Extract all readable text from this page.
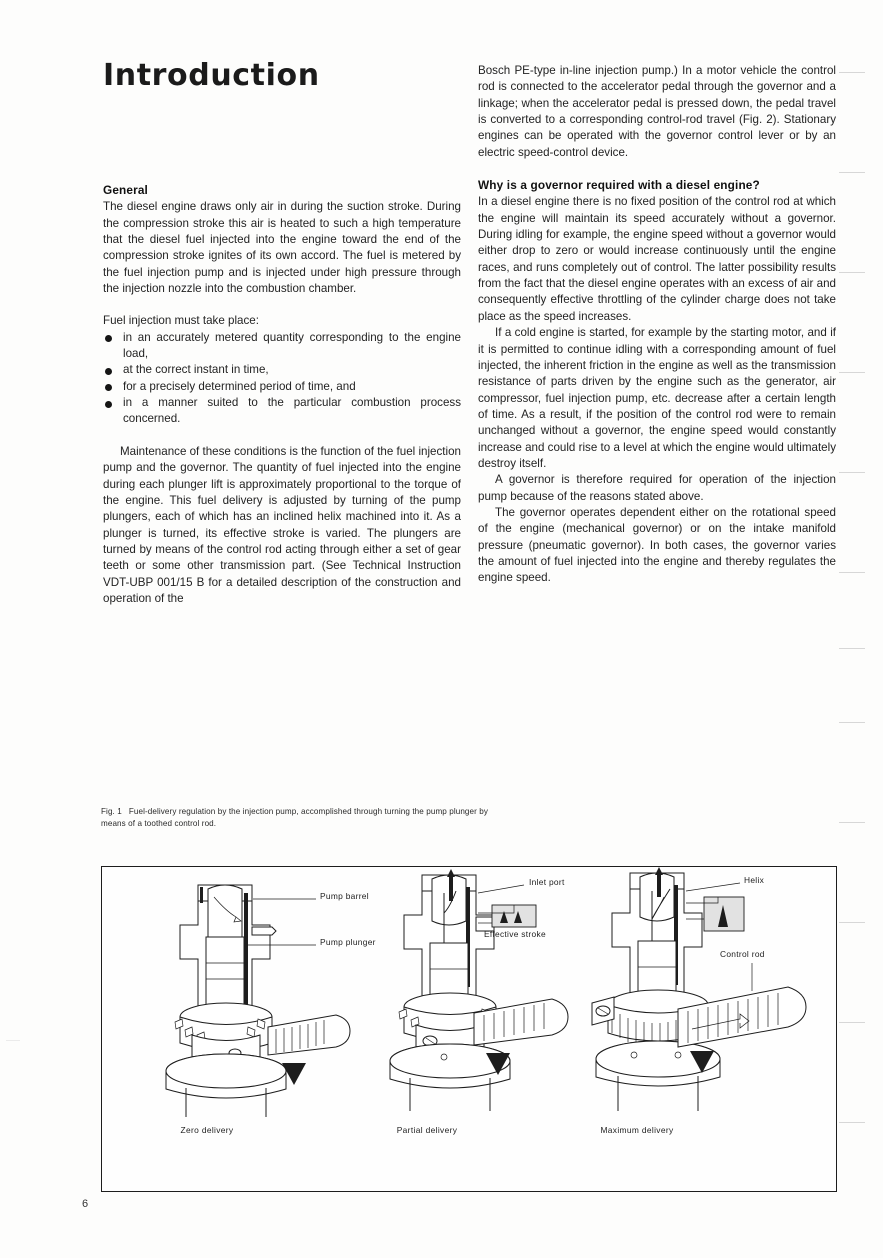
Introduction
General

The diesel engine draws only air in during the suction stroke. During the compression stroke this air is heated to such a high temperature that the diesel fuel injected into the engine toward the end of the compression stroke ignites of its own accord. The fuel is metered by the fuel injection pump and is injected under high pressure through the injection nozzle into the combustion chamber.

Fuel injection must take place:

in an accurately metered quantity corresponding to the engine load,
at the correct instant in time,
for a precisely determined period of time, and
in a manner suited to the particular combustion process concerned.

Maintenance of these conditions is the function of the fuel injection pump and the governor. The quantity of fuel injected into the engine during each plunger lift is approximately proportional to the torque of the engine. This fuel delivery is adjusted by turning of the pump plungers, each of which has an inclined helix machined into it. As a plunger is turned, its effective stroke is varied. The plungers are turned by means of the control rod acting through either a set of gear teeth or some other transmission part. (See Technical Instruction VDT-UBP 001/15 B for a detailed description of the construction and operation of the

Bosch PE-type in-line injection pump.) In a motor vehicle the control rod is connected to the accelerator pedal through the governor and a linkage; when the accelerator pedal is pressed down, the pedal travel is converted to a corresponding control-rod travel (Fig. 2). Stationary engines can be operated with the governor control lever or by an electric speed-control device.

Why is a governor required with a diesel engine?

In a diesel engine there is no fixed position of the control rod at which the engine will maintain its speed accurately without a governor. During idling for example, the engine speed without a governor would either drop to zero or would increase continuously until the engine races, and runs completely out of control. The latter possibility results from the fact that the diesel engine operates with an excess of air and consequently effective throttling of the cylinder charge does not take place as the speed increases.

If a cold engine is started, for example by the starting motor, and if it is permitted to continue idling with a corresponding amount of fuel injected, the inherent friction in the engine as well as the transmission resistance of parts driven by the engine such as the generator, air compressor, fuel injection pump, etc. decrease after a certain length of time. As a result, if the position of the control rod were to remain unchanged without a governor, the engine speed would constantly increase and could rise to a level at which the engine would ultimately destroy itself.

A governor is therefore required for operation of the injection pump because of the reasons stated above.

The governor operates dependent either on the rotational speed of the engine (mechanical governor) or on the intake manifold pressure (pneumatic governor). In both cases, the governor varies the amount of fuel injected into the engine and thereby regulates the engine speed.

Fig. 1 Fuel-delivery regulation by the injection pump, accomplished through turning the pump plunger by means of a toothed control rod.
Pump barrel
Pump plunger
Zero delivery
Inlet port
Effective stroke
Partial delivery
Helix
Control rod
Maximum delivery
6
